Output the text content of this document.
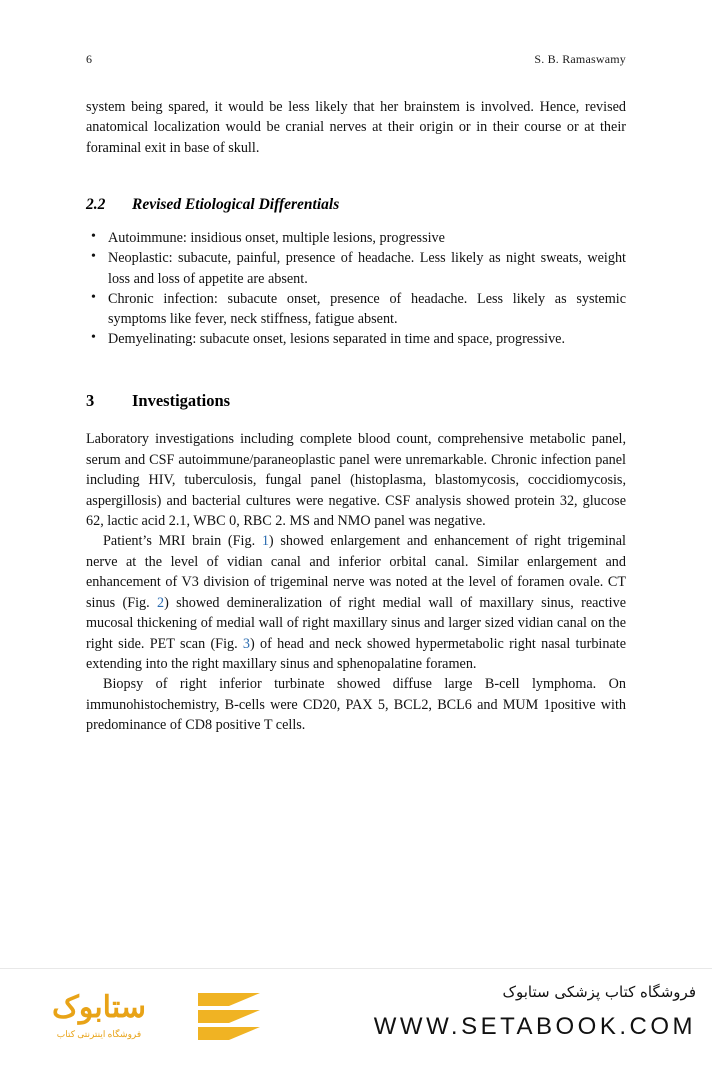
6	S. B. Ramaswamy

system being spared, it would be less likely that her brainstem is involved. Hence, revised anatomical localization would be cranial nerves at their origin or in their course or at their foraminal exit in base of skull.

2.2	Revised Etiological Differentials
• Autoimmune: insidious onset, multiple lesions, progressive
• Neoplastic: subacute, painful, presence of headache. Less likely as night sweats, weight loss and loss of appetite are absent.
• Chronic infection: subacute onset, presence of headache. Less likely as systemic symptoms like fever, neck stiffness, fatigue absent.
• Demyelinating: subacute onset, lesions separated in time and space, progressive.
3	Investigations

Laboratory investigations including complete blood count, comprehensive metabolic panel, serum and CSF autoimmune/paraneoplastic panel were unremarkable. Chronic infection panel including HIV, tuberculosis, fungal panel (histoplasma, blastomycosis, coccidiomycosis, aspergillosis) and bacterial cultures were negative. CSF analysis showed protein 32, glucose 62, lactic acid 2.1, WBC 0, RBC 2. MS and NMO panel was negative.

Patient’s MRI brain (Fig. 1) showed enlargement and enhancement of right trigeminal nerve at the level of vidian canal and inferior orbital canal. Similar enlargement and enhancement of V3 division of trigeminal nerve was noted at the level of foramen ovale. CT sinus (Fig. 2) showed demineralization of right medial wall of maxillary sinus, reactive mucosal thickening of medial wall of right maxillary sinus and larger sized vidian canal on the right side. PET scan (Fig. 3) of head and neck showed hypermetabolic right nasal turbinate extending into the right maxillary sinus and sphenopalatine foramen.

Biopsy of right inferior turbinate showed diffuse large B-cell lymphoma. On immunohistochemistry, B-cells were CD20, PAX 5, BCL2, BCL6 and MUM 1positive with predominance of CD8 positive T cells.

ستابوک
فروشگاه اینترنتی کتاب
فروشگاه کتاب پزشکی ستابوک
WWW.SETABOOK.COM
